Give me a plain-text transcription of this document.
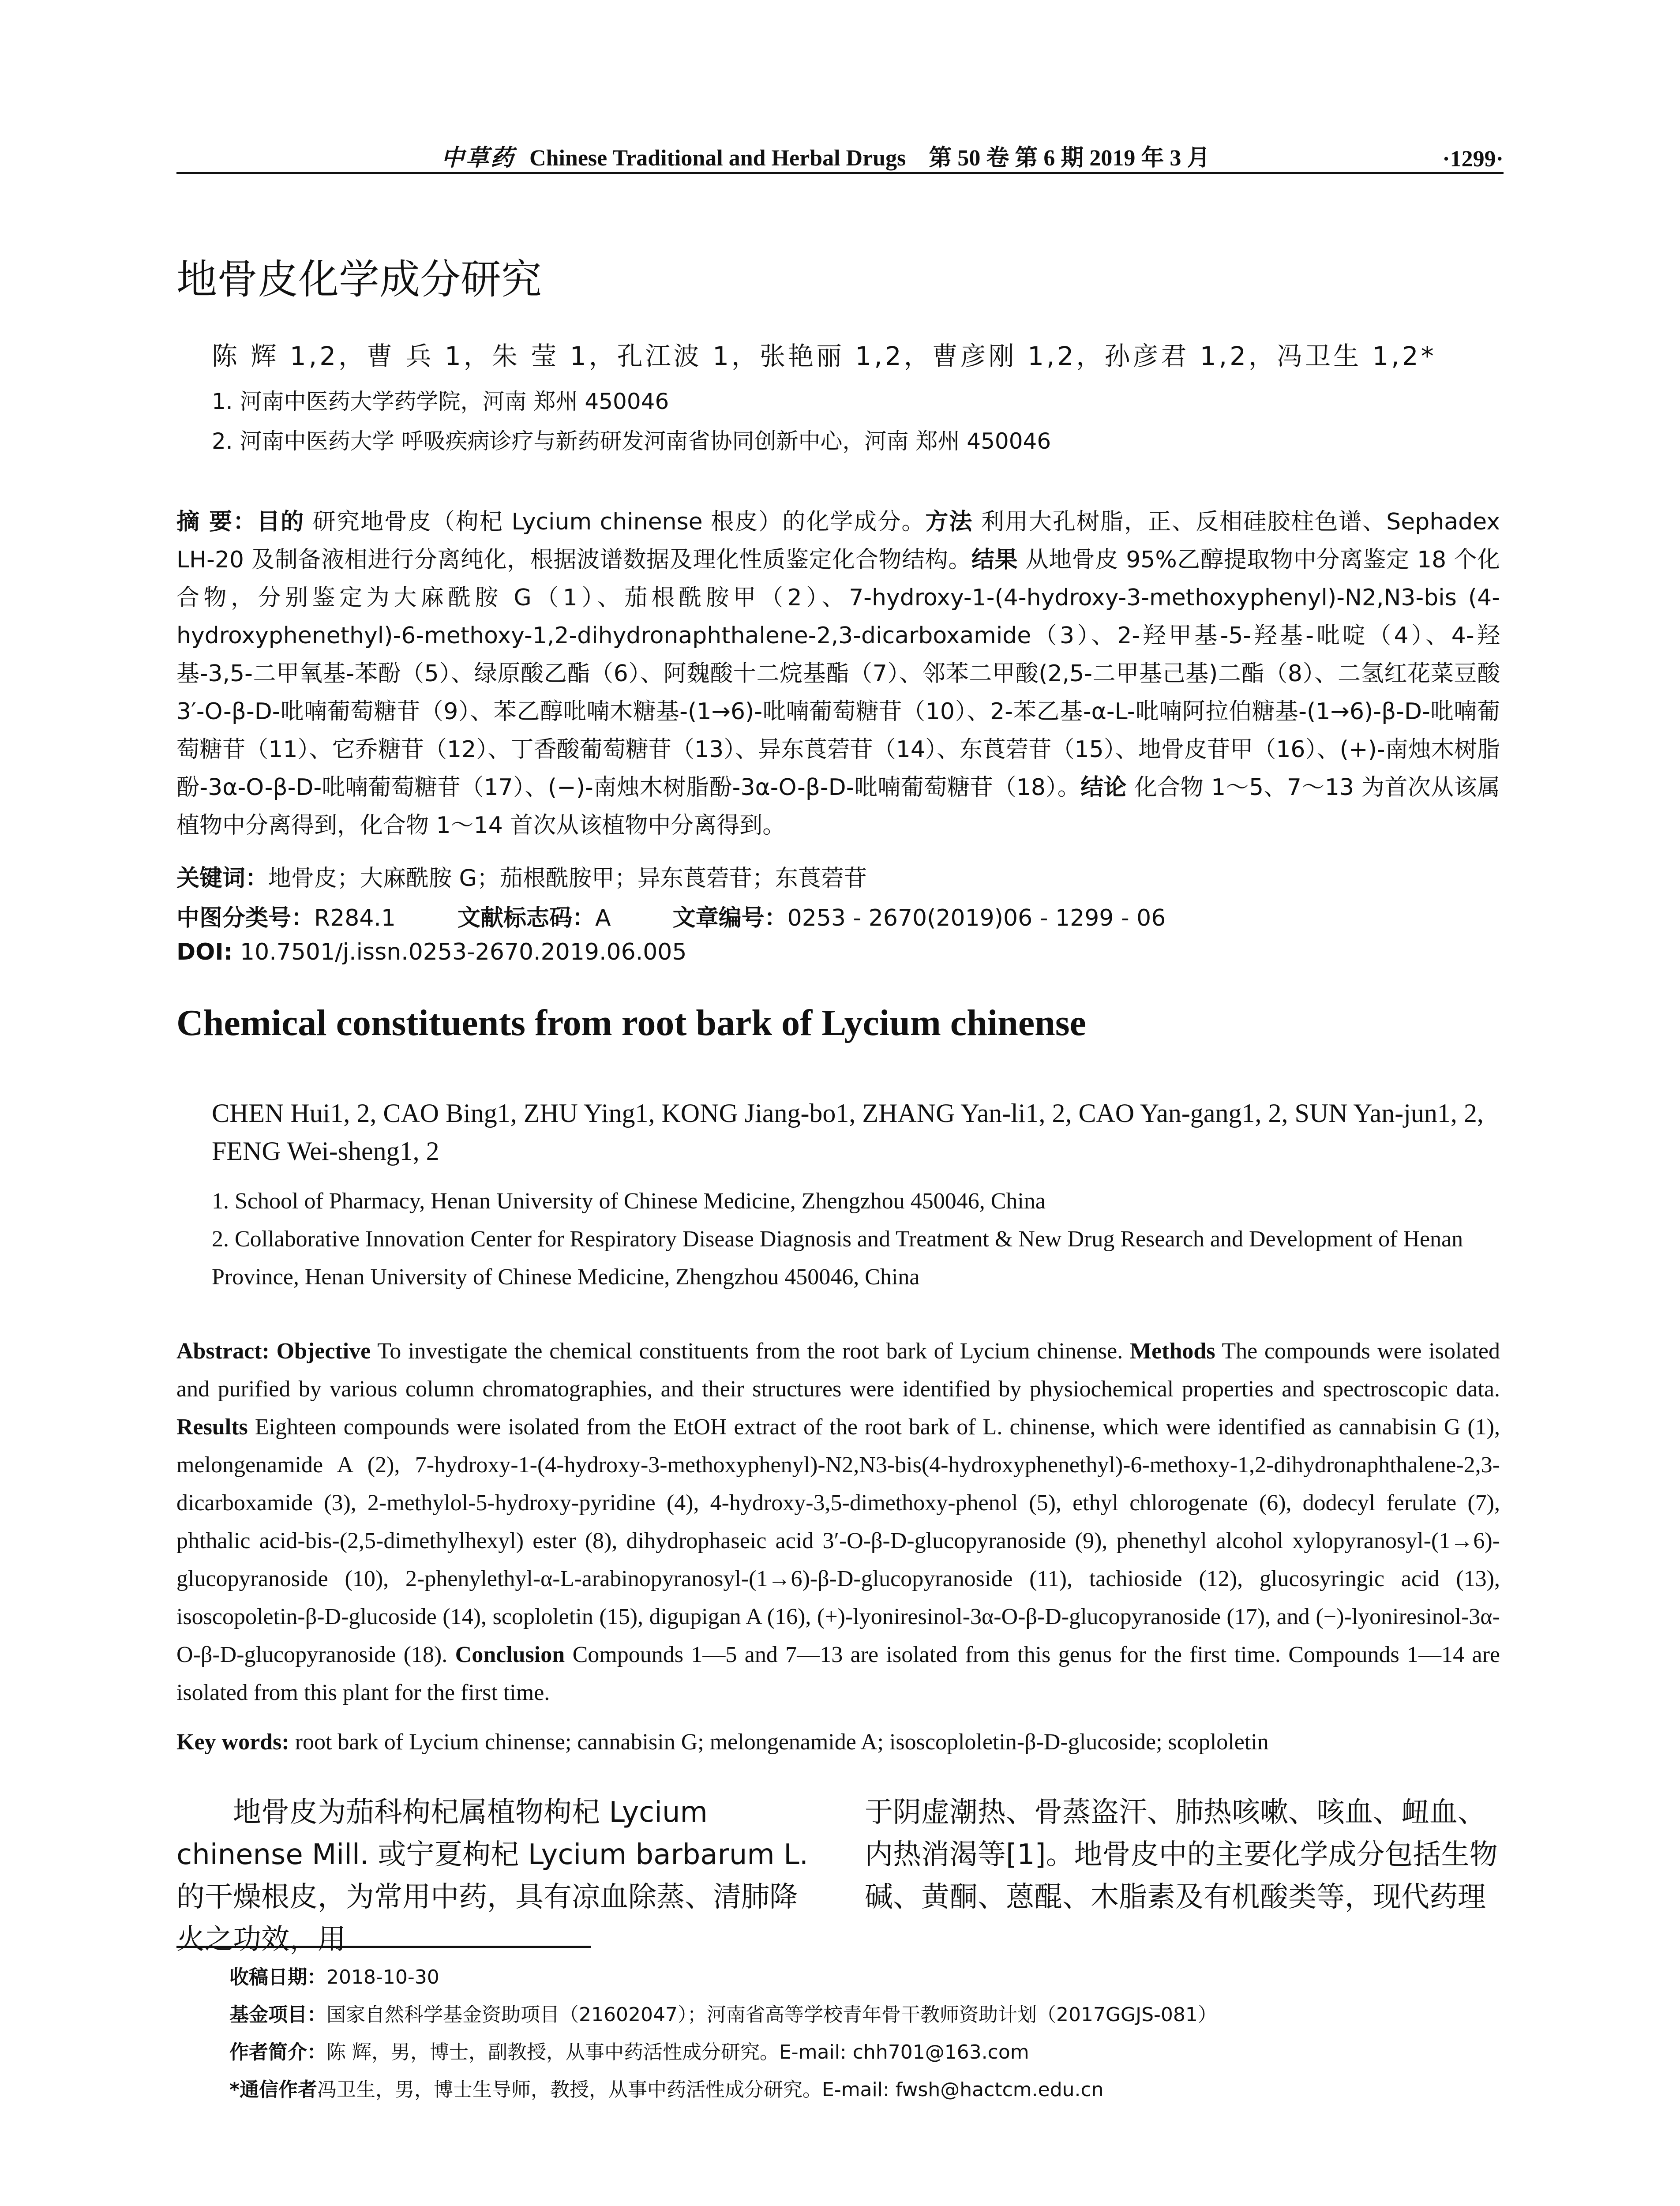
中草药 Chinese Traditional and Herbal Drugs　第 50 卷 第 6 期 2019 年 3 月	·1299·
地骨皮化学成分研究
陈 辉 1,2，曹 兵 1，朱 莹 1，孔江波 1，张艳丽 1,2，曹彦刚 1,2，孙彦君 1,2，冯卫生 1,2*
1. 河南中医药大学药学院，河南 郑州 450046
2. 河南中医药大学 呼吸疾病诊疗与新药研发河南省协同创新中心，河南 郑州 450046
摘 要：目的 研究地骨皮（枸杞 Lycium chinense 根皮）的化学成分。方法 利用大孔树脂，正、反相硅胶柱色谱、Sephadex LH-20 及制备液相进行分离纯化，根据波谱数据及理化性质鉴定化合物结构。结果 从地骨皮 95%乙醇提取物中分离鉴定 18 个化合物，分别鉴定为大麻酰胺 G（1）、茄根酰胺甲（2）、7-hydroxy-1-(4-hydroxy-3-methoxyphenyl)-N2,N3-bis (4-hydroxyphenethyl)-6-methoxy-1,2-dihydronaphthalene-2,3-dicarboxamide（3）、2-羟甲基-5-羟基-吡啶（4）、4-羟基-3,5-二甲氧基-苯酚（5）、绿原酸乙酯（6）、阿魏酸十二烷基酯（7）、邻苯二甲酸(2,5-二甲基己基)二酯（8）、二氢红花菜豆酸 3′-O-β-D-吡喃葡萄糖苷（9）、苯乙醇吡喃木糖基-(1→6)-吡喃葡萄糖苷（10）、2-苯乙基-α-L-吡喃阿拉伯糖基-(1→6)-β-D-吡喃葡萄糖苷（11）、它乔糖苷（12）、丁香酸葡萄糖苷（13）、异东莨菪苷（14）、东莨菪苷（15）、地骨皮苷甲（16）、(+)-南烛木树脂酚-3α-O-β-D-吡喃葡萄糖苷（17）、(−)-南烛木树脂酚-3α-O-β-D-吡喃葡萄糖苷（18）。结论 化合物 1～5、7～13 为首次从该属植物中分离得到，化合物 1～14 首次从该植物中分离得到。
关键词：地骨皮；大麻酰胺 G；茄根酰胺甲；异东莨菪苷；东莨菪苷
中图分类号：R284.1	文献标志码：A	文章编号：0253 - 2670(2019)06 - 1299 - 06
DOI: 10.7501/j.issn.0253-2670.2019.06.005
Chemical constituents from root bark of Lycium chinense
CHEN Hui1, 2, CAO Bing1, ZHU Ying1, KONG Jiang-bo1, ZHANG Yan-li1, 2, CAO Yan-gang1, 2, SUN Yan-jun1, 2, FENG Wei-sheng1, 2
1. School of Pharmacy, Henan University of Chinese Medicine, Zhengzhou 450046, China
2. Collaborative Innovation Center for Respiratory Disease Diagnosis and Treatment & New Drug Research and Development of Henan Province, Henan University of Chinese Medicine, Zhengzhou 450046, China
Abstract: Objective To investigate the chemical constituents from the root bark of Lycium chinense. Methods The compounds were isolated and purified by various column chromatographies, and their structures were identified by physiochemical properties and spectroscopic data. Results Eighteen compounds were isolated from the EtOH extract of the root bark of L. chinense, which were identified as cannabisin G (1), melongenamide A (2), 7-hydroxy-1-(4-hydroxy-3-methoxyphenyl)-N2,N3-bis(4-hydroxyphenethyl)-6-methoxy-1,2-dihydronaphthalene-2,3-dicarboxamide (3), 2-methylol-5-hydroxy-pyridine (4), 4-hydroxy-3,5-dimethoxy-phenol (5), ethyl chlorogenate (6), dodecyl ferulate (7), phthalic acid-bis-(2,5-dimethylhexyl) ester (8), dihydrophaseic acid 3′-O-β-D-glucopyranoside (9), phenethyl alcohol xylopyranosyl-(1→6)-glucopyranoside (10), 2-phenylethyl-α-L-arabinopyranosyl-(1→6)-β-D-glucopyranoside (11), tachioside (12), glucosyringic acid (13), isoscopoletin-β-D-glucoside (14), scoploletin (15), digupigan A (16), (+)-lyoniresinol-3α-O-β-D-glucopyranoside (17), and (−)-lyoniresinol-3α-O-β-D-glucopyranoside (18). Conclusion Compounds 1—5 and 7—13 are isolated from this genus for the first time. Compounds 1—14 are isolated from this plant for the first time.
Key words: root bark of Lycium chinense; cannabisin G; melongenamide A; isoscoploletin-β-D-glucoside; scoploletin
地骨皮为茄科枸杞属植物枸杞 Lycium chinense Mill. 或宁夏枸杞 Lycium barbarum L. 的干燥根皮，为常用中药，具有凉血除蒸、清肺降火之功效，用
于阴虚潮热、骨蒸盗汗、肺热咳嗽、咳血、衄血、内热消渴等[1]。地骨皮中的主要化学成分包括生物碱、黄酮、蒽醌、木脂素及有机酸类等，现代药理
收稿日期：2018-10-30
基金项目：国家自然科学基金资助项目（21602047）；河南省高等学校青年骨干教师资助计划（2017GGJS-081）
作者简介：陈 辉，男，博士，副教授，从事中药活性成分研究。E-mail: chh701@163.com
*通信作者冯卫生，男，博士生导师，教授，从事中药活性成分研究。E-mail: fwsh@hactcm.edu.cn
